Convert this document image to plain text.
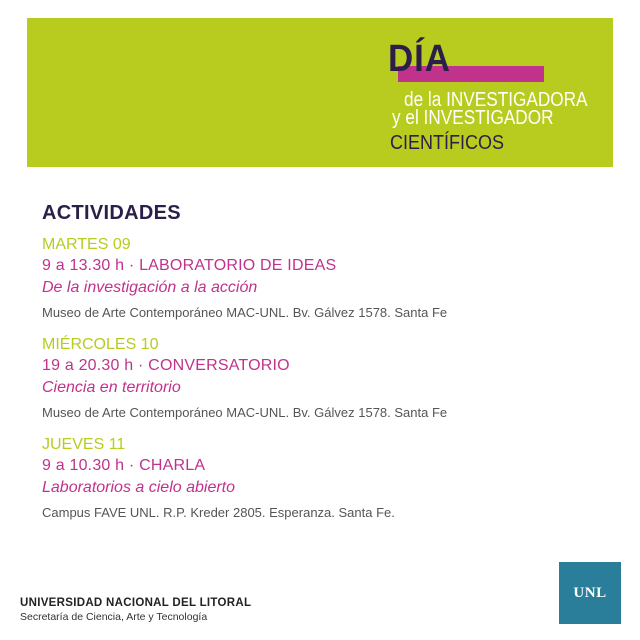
DÍA
de la INVESTIGADORA
y el INVESTIGADOR
CIENTÍFICOS
ACTIVIDADES
MARTES 09
9 a 13.30 h · LABORATORIO DE IDEAS
De la investigación a la acción
Museo de Arte Contemporáneo MAC-UNL. Bv. Gálvez 1578. Santa Fe
MIÉRCOLES 10
19 a 20.30 h · CONVERSATORIO
Ciencia en territorio
Museo de Arte Contemporáneo MAC-UNL. Bv. Gálvez 1578. Santa Fe
JUEVES 11
9 a 10.30 h · CHARLA
Laboratorios a cielo abierto
Campus FAVE UNL. R.P. Kreder 2805. Esperanza. Santa Fe.
UNIVERSIDAD NACIONAL DEL LITORAL
Secretaría de Ciencia, Arte y Tecnología
UNL
